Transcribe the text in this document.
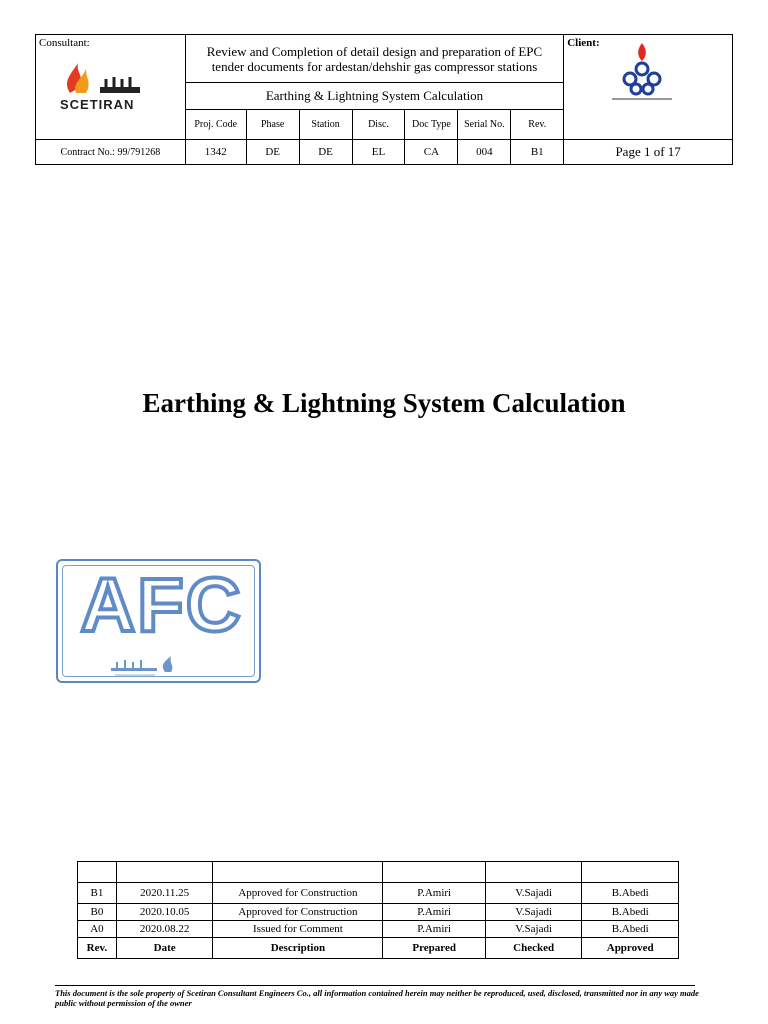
Consultant:
SCETIRAN	Review and Completion of detail design and preparation of EPC tender documents for ardestan/dehshir gas compressor stations							Client:

	Earthing & Lightning System Calculation							
	Proj. Code	Phase	Station	Disc.	Doc Type	Serial No.	Rev.	
Contract No.: 99/791268	1342	DE	DE	EL	CA	004	B1	Page 1 of 17
Earthing & Lightning System Calculation
AFC

B1	2020.11.25	Approved for Construction	P.Amiri	V.Sajadi	B.Abedi
B0	2020.10.05	Approved for Construction	P.Amiri	V.Sajadi	B.Abedi
A0	2020.08.22	Issued for Comment	P.Amiri	V.Sajadi	B.Abedi
Rev.	Date	Description	Prepared	Checked	Approved
This document is the sole property of Scetiran Consultant Engineers Co., all information contained herein may neither be reproduced, used, disclosed, transmitted nor in any way made public without permission of the owner
